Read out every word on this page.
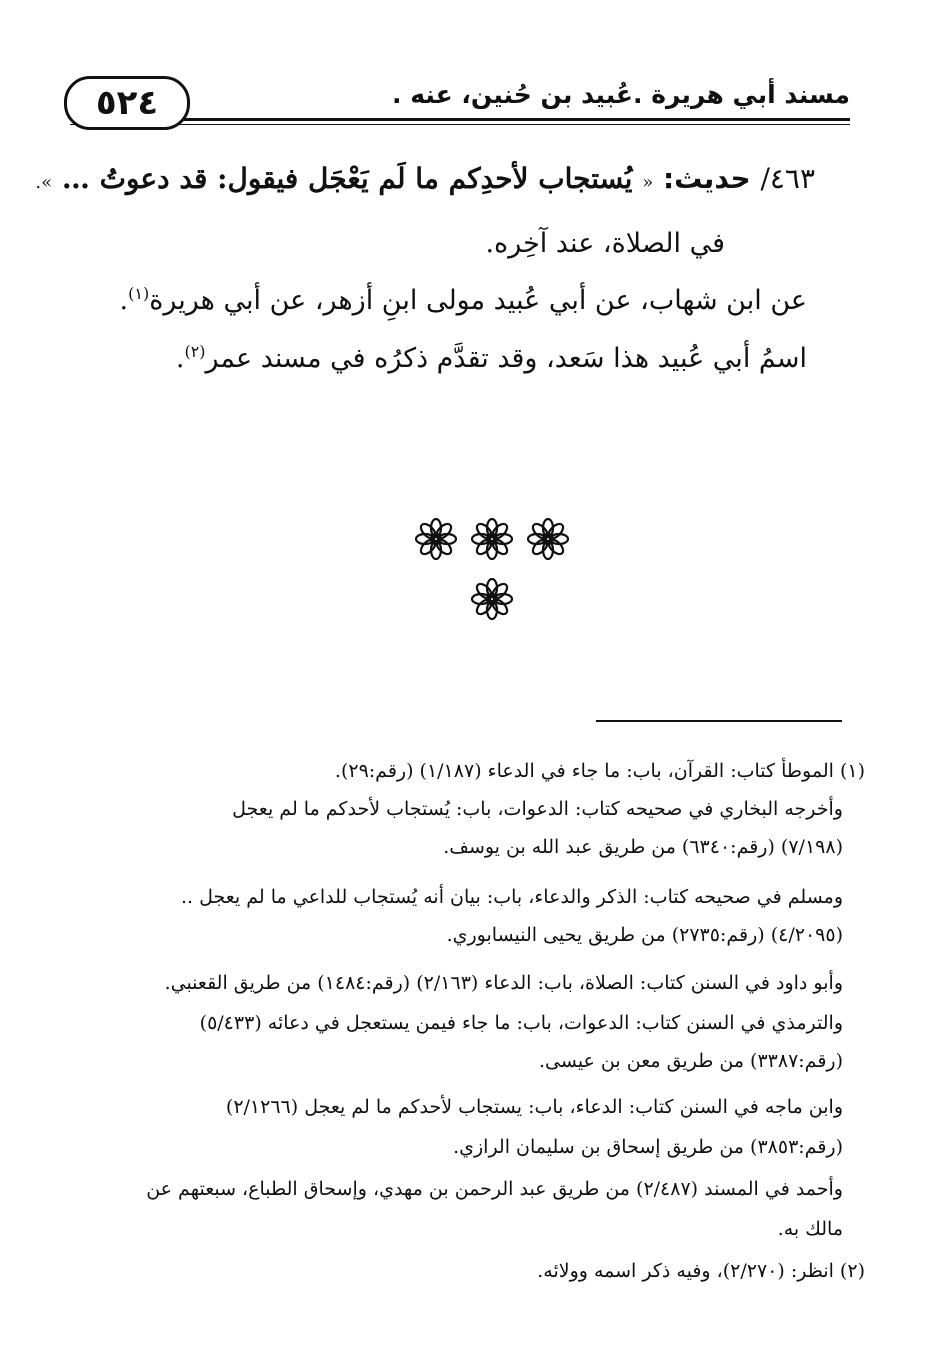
مسند أبي هريرة .عُبيد بن حُنين، عنه .
٥٢٤
٤٦٣/ حديث: « يُستجاب لأحدِكم ما لَم يَعْجَل فيقول: قد دعوتُ … ».
في الصلاة، عند آخِره.
عن ابن شهاب، عن أبي عُبيد مولى ابنِ أزهر، عن أبي هريرة$^{(١)}$.
اسمُ أبي عُبيد هذا سَعد، وقد تقدَّم ذكرُه في مسند عمر$^{(٢)}$.
(١) الموطأ كتاب: القرآن، باب: ما جاء في الدعاء (١/١٨٧) (رقم:٢٩).
وأخرجه البخاري في صحيحه كتاب: الدعوات، باب: يُستجاب لأحدكم ما لم يعجل
(٧/١٩٨) (رقم:٦٣٤٠) من طريق عبد الله بن يوسف.
ومسلم في صحيحه كتاب: الذكر والدعاء، باب: بيان أنه يُستجاب للداعي ما لم يعجل ..
(٤/٢٠٩٥) (رقم:٢٧٣٥) من طريق يحيى النيسابوري.
وأبو داود في السنن كتاب: الصلاة، باب: الدعاء (٢/١٦٣) (رقم:١٤٨٤) من طريق القعنبي.
والترمذي في السنن كتاب: الدعوات، باب: ما جاء فيمن يستعجل في دعائه (٥/٤٣٣)
(رقم:٣٣٨٧) من طريق معن بن عيسى.
وابن ماجه في السنن كتاب: الدعاء، باب: يستجاب لأحدكم ما لم يعجل (٢/١٢٦٦)
(رقم:٣٨٥٣) من طريق إسحاق بن سليمان الرازي.
وأحمد في المسند (٢/٤٨٧) من طريق عبد الرحمن بن مهدي، وإسحاق الطباع، سبعتهم عن
مالك به.
(٢) انظر: (٢/٢٧٠)، وفيه ذكر اسمه وولائه.
